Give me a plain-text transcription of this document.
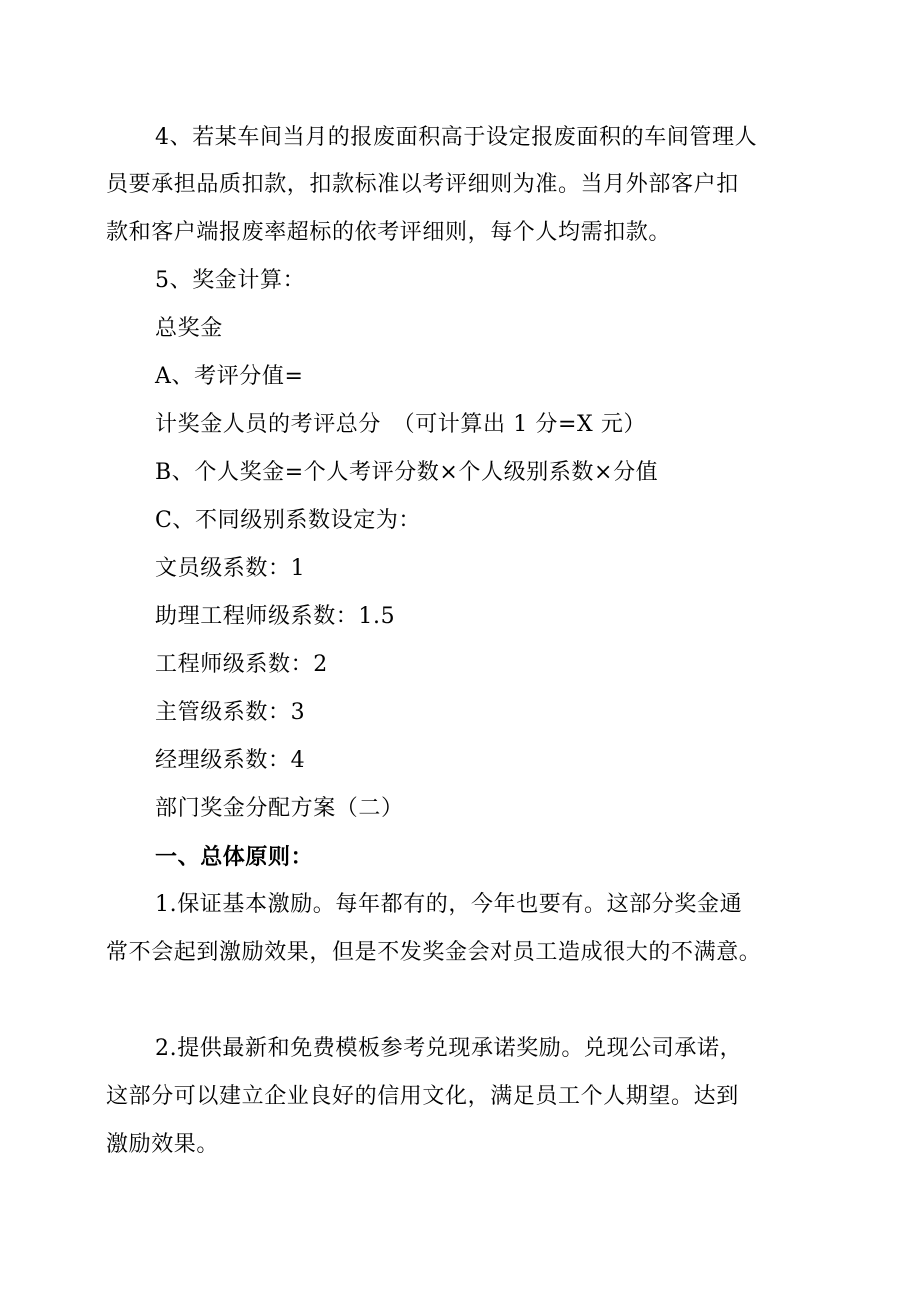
4、若某车间当月的报废面积高于设定报废面积的车间管理人
员要承担品质扣款，扣款标准以考评细则为准。当月外部客户扣
款和客户端报废率超标的依考评细则，每个人均需扣款。
5、奖金计算：
总奖金
A、考评分值=
计奖金人员的考评总分　（可计算出 1 分=X 元）
B、个人奖金=个人考评分数×个人级别系数×分值
C、不同级别系数设定为：
文员级系数：1
助理工程师级系数：1.5
工程师级系数：2
主管级系数：3
经理级系数：4
部门奖金分配方案（二）
一、总体原则：
1.保证基本激励。每年都有的，今年也要有。这部分奖金通
常不会起到激励效果，但是不发奖金会对员工造成很大的不满意。
2.提供最新和免费模板参考兑现承诺奖励。兑现公司承诺，
这部分可以建立企业良好的信用文化，满足员工个人期望。达到
激励效果。
